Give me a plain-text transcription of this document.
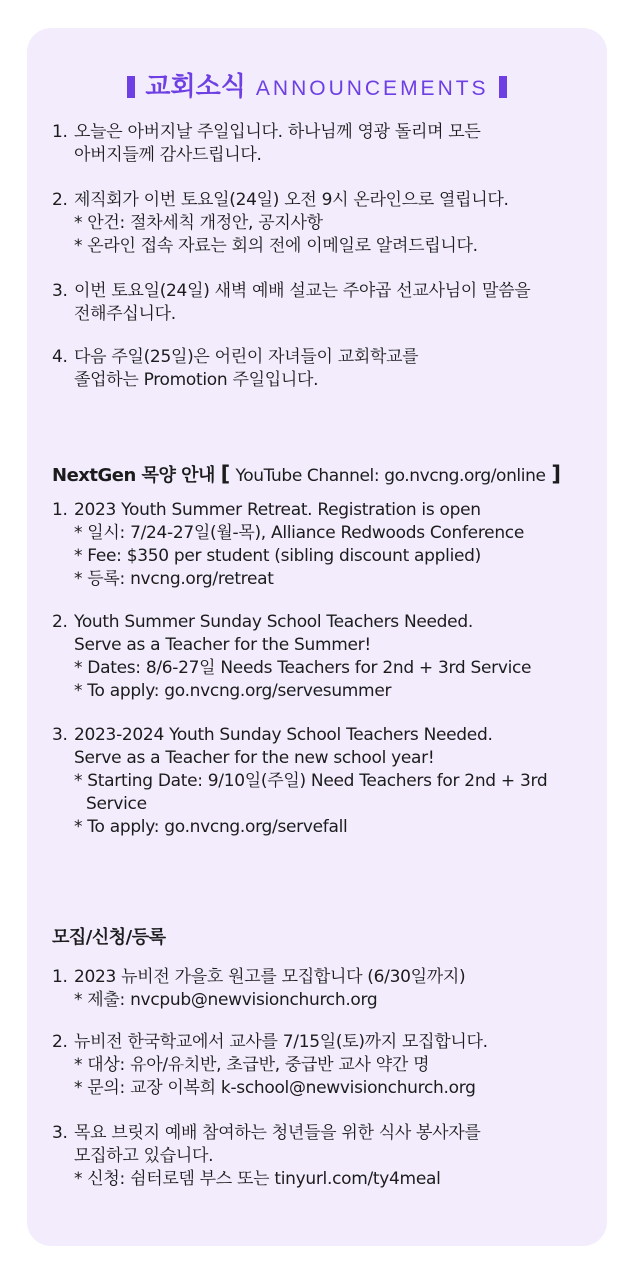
교회소식 ANNOUNCEMENTS
1. 오늘은 아버지날 주일입니다. 하나님께 영광 돌리며 모든
아버지들께 감사드립니다.
2. 제직회가 이번 토요일(24일) 오전 9시 온라인으로 열립니다.
* 안건: 절차세칙 개정안, 공지사항
* 온라인 접속 자료는 회의 전에 이메일로 알려드립니다.
3. 이번 토요일(24일) 새벽 예배 설교는 주야곱 선교사님이 말씀을
전해주십니다.
4. 다음 주일(25일)은 어린이 자녀들이 교회학교를
졸업하는 Promotion 주일입니다.
NextGen 목양 안내 [ YouTube Channel: go.nvcng.org/online ]
1. 2023 Youth Summer Retreat. Registration is open
* 일시: 7/24-27일(월-목), Alliance Redwoods Conference
* Fee: $350 per student (sibling discount applied)
* 등록: nvcng.org/retreat
2. Youth Summer Sunday School Teachers Needed.
Serve as a Teacher for the Summer!
* Dates: 8/6-27일 Needs Teachers for 2nd + 3rd Service
* To apply: go.nvcng.org/servesummer
3. 2023-2024 Youth Sunday School Teachers Needed.
Serve as a Teacher for the new school year!
* Starting Date: 9/10일(주일) Need Teachers for 2nd + 3rd
Service
* To apply: go.nvcng.org/servefall
모집/신청/등록
1. 2023 뉴비전 가을호 원고를 모집합니다 (6/30일까지)
* 제출: nvcpub@newvisionchurch.org
2. 뉴비전 한국학교에서 교사를 7/15일(토)까지 모집합니다.
* 대상: 유아/유치반, 초급반, 중급반 교사 약간 명
* 문의: 교장 이복희 k-school@newvisionchurch.org
3. 목요 브릿지 예배 참여하는 청년들을 위한 식사 봉사자를
모집하고 있습니다.
* 신청: 쉼터로뎀 부스 또는 tinyurl.com/ty4meal
